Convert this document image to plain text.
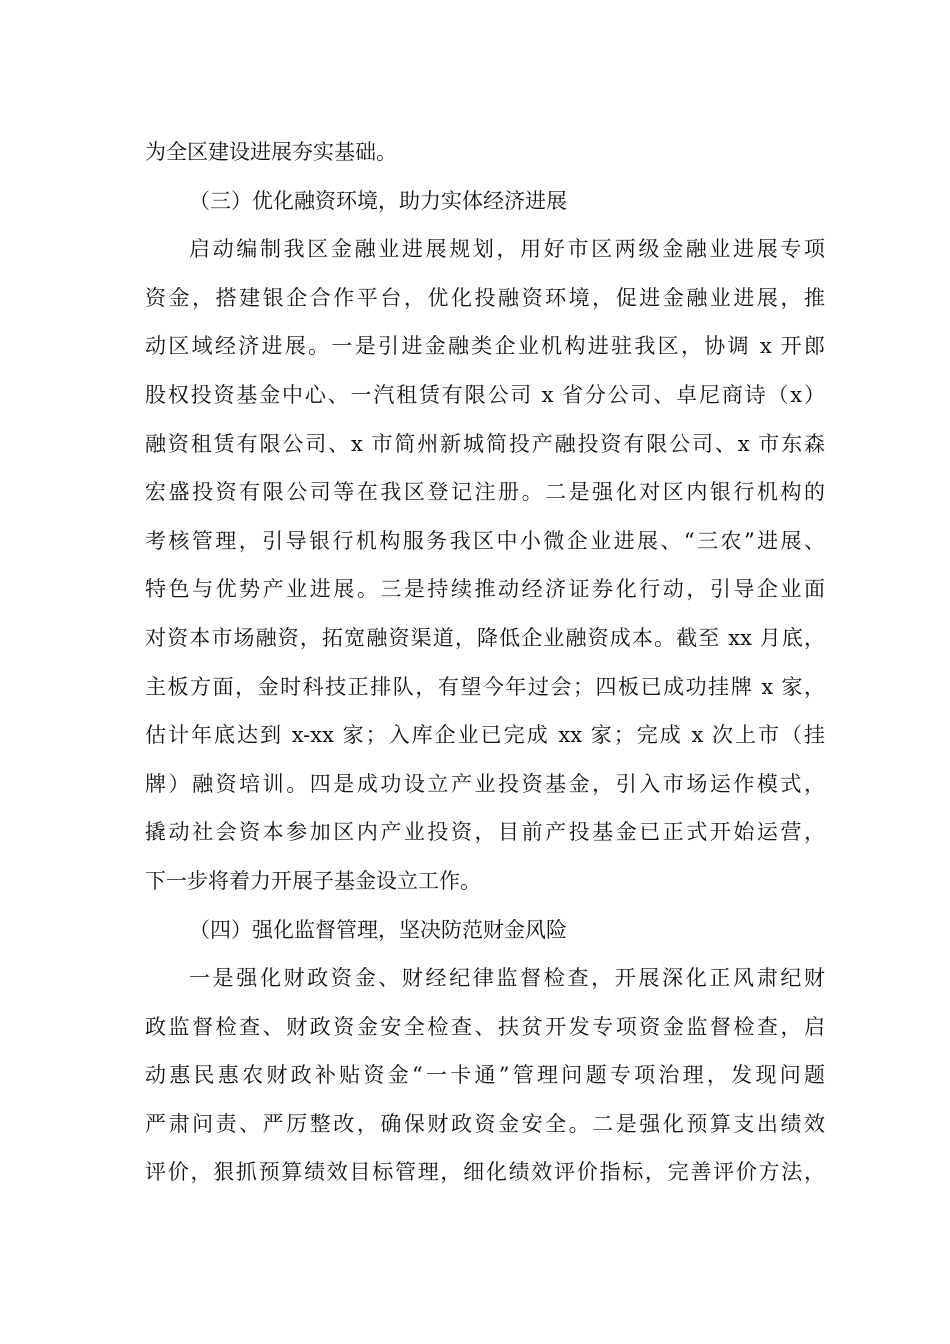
为全区建设进展夯实基础。
（三）优化融资环境，助力实体经济进展
启动编制我区金融业进展规划，用好市区两级金融业进展专项
资金，搭建银企合作平台，优化投融资环境，促进金融业进展，推
动区域经济进展。一是引进金融类企业机构进驻我区，协调 x 开郎
股权投资基金中心、一汽租赁有限公司 x 省分公司、卓尼商诗（x）
融资租赁有限公司、x 市简州新城简投产融投资有限公司、x 市东森
宏盛投资有限公司等在我区登记注册。二是强化对区内银行机构的
考核管理，引导银行机构服务我区中小微企业进展、“三农”进展、
特色与优势产业进展。三是持续推动经济证券化行动，引导企业面
对资本市场融资，拓宽融资渠道，降低企业融资成本。截至 xx 月底，
主板方面，金时科技正排队，有望今年过会；四板已成功挂牌 x 家，
估计年底达到 x-xx 家；入库企业已完成 xx 家；完成 x 次上市（挂
牌）融资培训。四是成功设立产业投资基金，引入市场运作模式，
撬动社会资本参加区内产业投资，目前产投基金已正式开始运营，
下一步将着力开展子基金设立工作。
（四）强化监督管理，坚决防范财金风险
一是强化财政资金、财经纪律监督检查，开展深化正风肃纪财
政监督检查、财政资金安全检查、扶贫开发专项资金监督检查，启
动惠民惠农财政补贴资金“一卡通”管理问题专项治理，发现问题
严肃问责、严厉整改，确保财政资金安全。二是强化预算支出绩效
评价，狠抓预算绩效目标管理，细化绩效评价指标，完善评价方法，
